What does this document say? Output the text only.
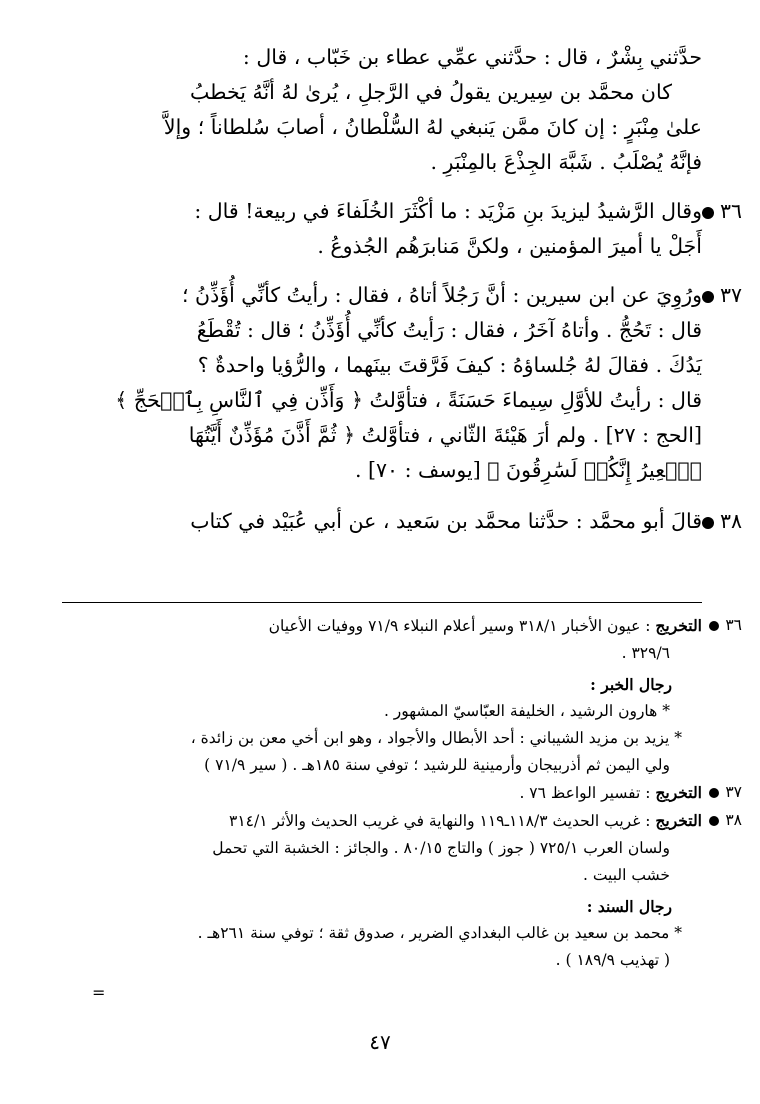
حدَّثني بِشْرٌ ، قال : حدَّثني عمِّي عطاء بن خَبّاب ، قال :
كان محمَّد بن سِيرين يقولُ في الرَّجلِ ، يُرىٰ لهُ أنَّهُ يَخطبُ
علىٰ مِنْبَرٍ : إن كانَ ممَّن يَنبغي لهُ السُّلْطانُ ، أصابَ سُلطاناً ؛ وإلاَّ
فإنَّهُ يُصْلَبُ . شَبَّهَ الجِذْعَ بالمِنْبَرِ .

٣٦

وقال الرَّشيدُ ليزيدَ بنِ مَزْيَد : ما أكْثَرَ الخُلَفاءَ في ربيعة! قال :
أَجَلْ يا أميرَ المؤمنين ، ولكنَّ مَنابرَهُم الجُذوعُ .

٣٧

ورُوِيَ عن ابن سيرين : أنَّ رَجُلاً أتاهُ ، فقال : رأيتُ كأنِّي أُؤَذِّنُ ؛
قال : تَحُجُّ . وأتاهُ آخَرُ ، فقال : رَأيتُ كأنِّي أُؤَذِّنُ ؛ قال : تُقْطَعُ
يَدُكَ . فقالَ لهُ جُلساؤهُ : كيفَ فَرَّقتَ بينَهما ، والرُّؤيا واحدةٌ ؟
قال : رأيتُ للأوَّلِ سِيماءَ حَسَنَةً ، فتأوَّلتُ ﴿ وَأَذِّن فِي ٱلنَّاسِ بِٱلۡحَجِّ ﴾
[الحج : ٢٧] . ولم أرَ هَيْئةَ الثّاني ، فتأوَّلتُ ﴿ ثُمَّ أَذَّنَ مُؤَذِّنٌ أَيَّتُهَا
ٱلۡعِيرُ إِنَّكُمۡ لَسَٰرِقُونَ ﴾ [يوسف : ٧٠] .

٣٨

قالَ أبو محمَّد : حدَّثنا محمَّد بن سَعيد ، عن أبي عُبَيْد في كتاب

٣٦
التخريج : عيون الأخبار ٣١٨/١ وسير أعلام النبلاء ٧١/٩ ووفيات الأعيان
٣٢٩/٦ .
رجال الخبر :
* هارون الرشيد ، الخليفة العبّاسيّ المشهور .
* يزيد بن مزيد الشيباني : أحد الأبطال والأجواد ، وهو ابن أخي معن بن زائدة ،
ولي اليمن ثم أذربيجان وأرمينية للرشيد ؛ توفي سنة ١٨٥هـ . ( سير ٧١/٩ )
٣٧
التخريج : تفسير الواعظ ٧٦ .
٣٨
التخريج : غريب الحديث ١١٨/٣ـ١١٩ والنهاية في غريب الحديث والأثر ٣١٤/١
ولسان العرب ٧٢٥/١ ( جوز ) والتاج ٨٠/١٥ . والجائز : الخشبة التي تحمل
خشب البيت .
رجال السند :
* محمد بن سعيد بن غالب البغدادي الضرير ، صدوق ثقة ؛ توفي سنة ٢٦١هـ .
( تهذيب ١٨٩/٩ ) .
=
٤٧
